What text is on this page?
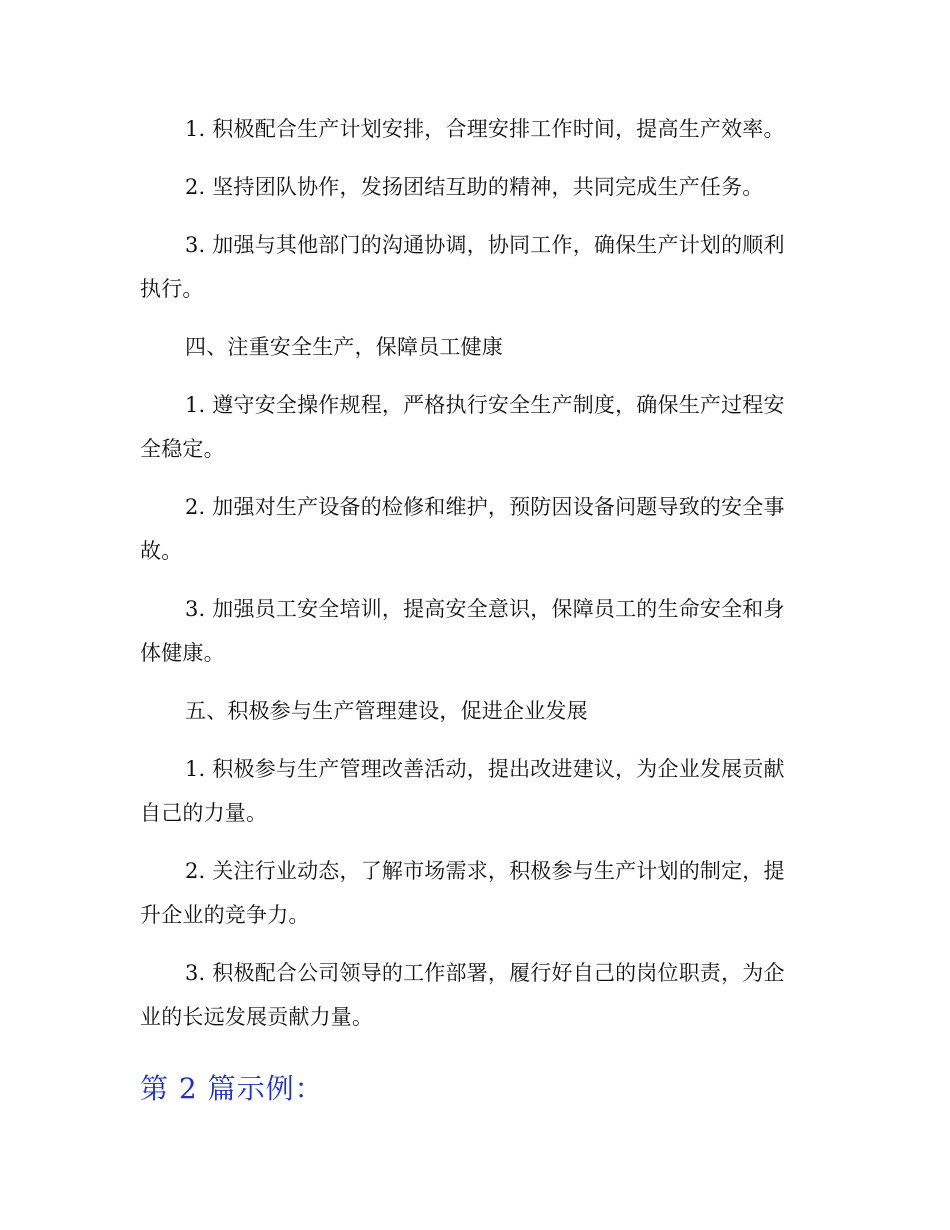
1. 积极配合生产计划安排，合理安排工作时间，提高生产效率。

2. 坚持团队协作，发扬团结互助的精神，共同完成生产任务。

3. 加强与其他部门的沟通协调，协同工作，确保生产计划的顺利执行。

四、注重安全生产，保障员工健康

1. 遵守安全操作规程，严格执行安全生产制度，确保生产过程安全稳定。

2. 加强对生产设备的检修和维护，预防因设备问题导致的安全事故。

3. 加强员工安全培训，提高安全意识，保障员工的生命安全和身体健康。

五、积极参与生产管理建设，促进企业发展

1. 积极参与生产管理改善活动，提出改进建议，为企业发展贡献自己的力量。

2. 关注行业动态，了解市场需求，积极参与生产计划的制定，提升企业的竞争力。

3. 积极配合公司领导的工作部署，履行好自己的岗位职责，为企业的长远发展贡献力量。

第 2 篇示例：
